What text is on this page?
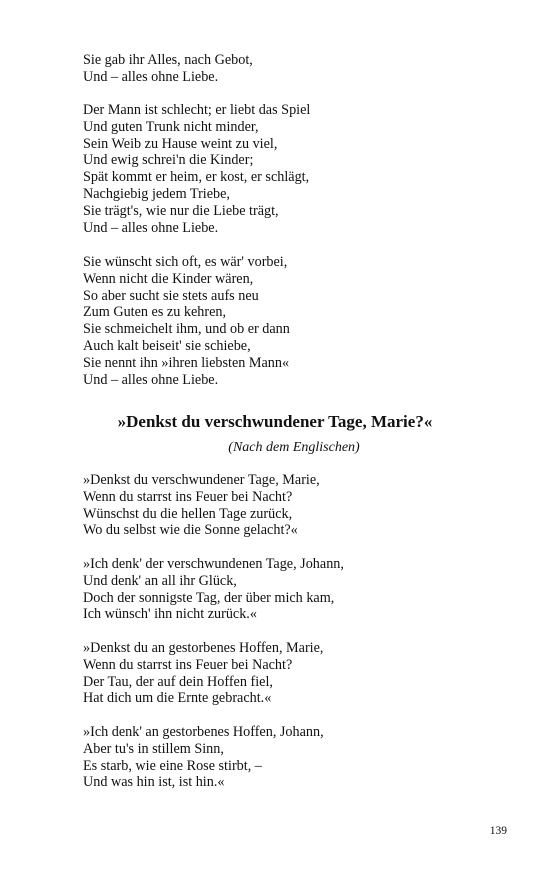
Sie gab ihr Alles, nach Gebot,
Und – alles ohne Liebe.
Der Mann ist schlecht; er liebt das Spiel
Und guten Trunk nicht minder,
Sein Weib zu Hause weint zu viel,
Und ewig schrei'n die Kinder;
Spät kommt er heim, er kost, er schlägt,
Nachgiebig jedem Triebe,
Sie trägt's, wie nur die Liebe trägt,
Und – alles ohne Liebe.
Sie wünscht sich oft, es wär' vorbei,
Wenn nicht die Kinder wären,
So aber sucht sie stets aufs neu
Zum Guten es zu kehren,
Sie schmeichelt ihm, und ob er dann
Auch kalt beiseit' sie schiebe,
Sie nennt ihn »ihren liebsten Mann«
Und – alles ohne Liebe.
»Denkst du verschwundener Tage, Marie?«
(Nach dem Englischen)
»Denkst du verschwundener Tage, Marie,
Wenn du starrst ins Feuer bei Nacht?
Wünschst du die hellen Tage zurück,
Wo du selbst wie die Sonne gelacht?«
»Ich denk' der verschwundenen Tage, Johann,
Und denk' an all ihr Glück,
Doch der sonnigste Tag, der über mich kam,
Ich wünsch' ihn nicht zurück.«
»Denkst du an gestorbenes Hoffen, Marie,
Wenn du starrst ins Feuer bei Nacht?
Der Tau, der auf dein Hoffen fiel,
Hat dich um die Ernte gebracht.«
»Ich denk' an gestorbenes Hoffen, Johann,
Aber tu's in stillem Sinn,
Es starb, wie eine Rose stirbt, –
Und was hin ist, ist hin.«
139
